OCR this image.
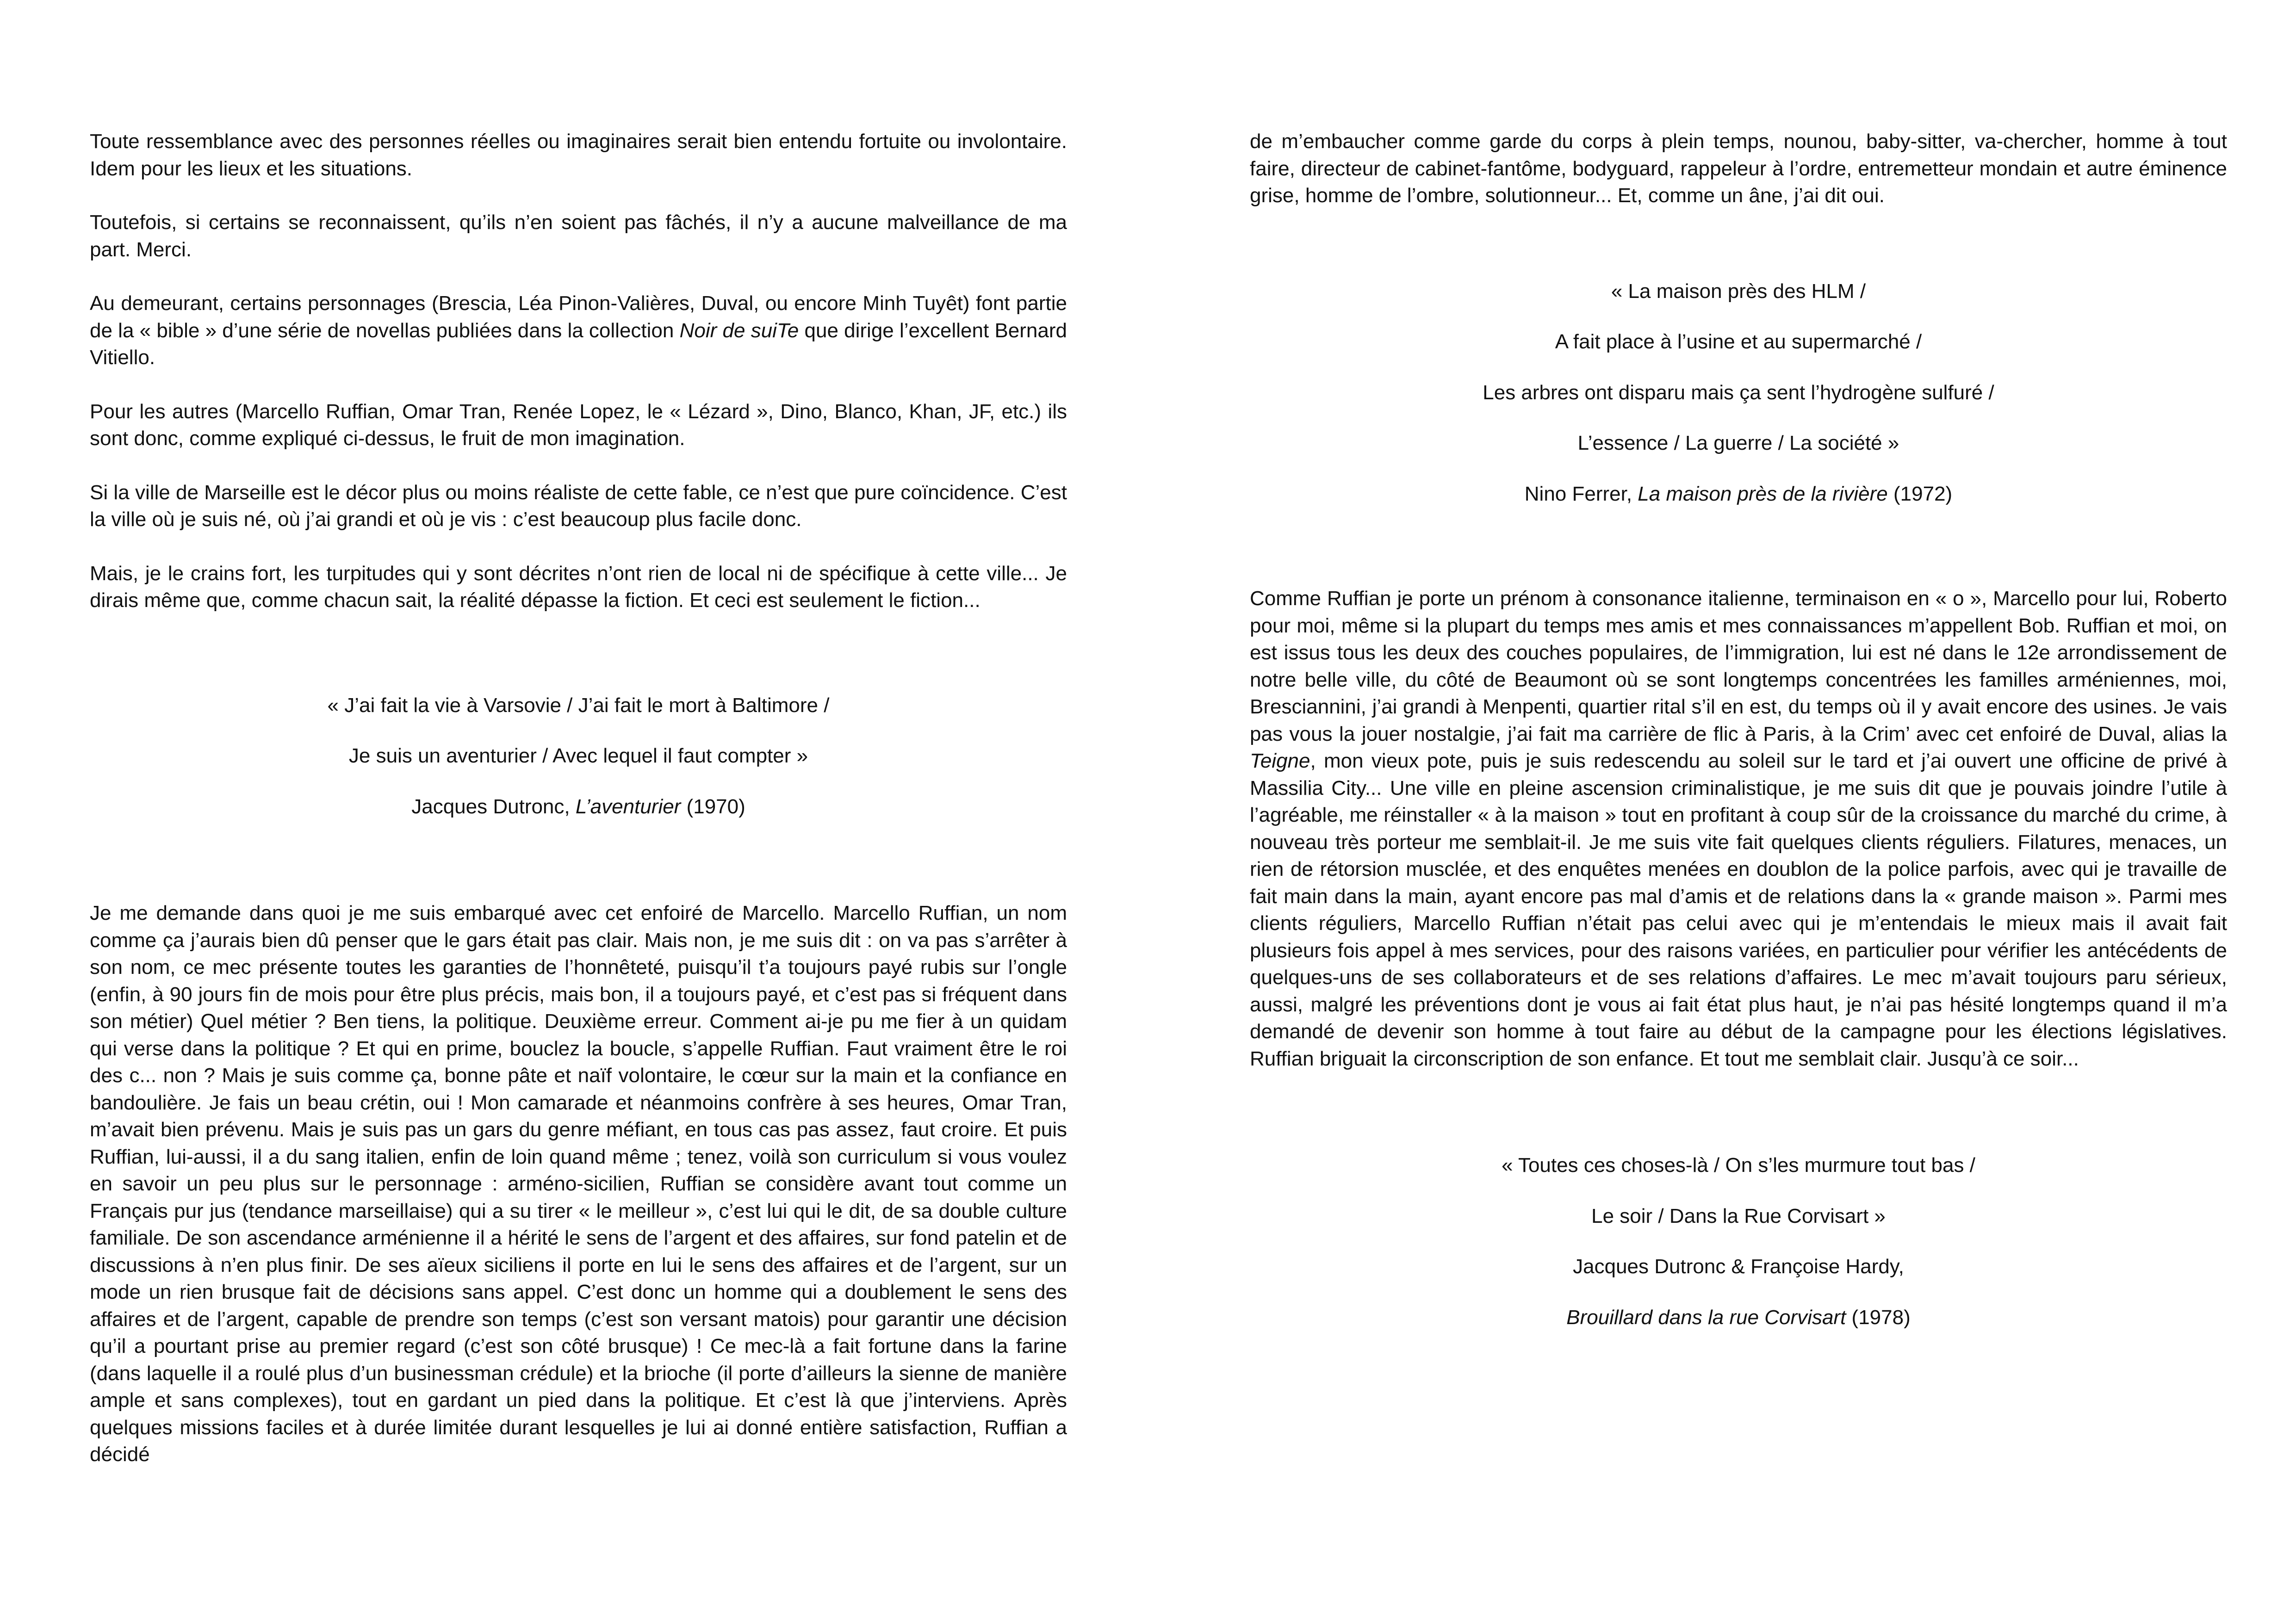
Toute ressemblance avec des personnes réelles ou imaginaires serait bien entendu fortuite ou involontaire. Idem pour les lieux et les situations.

Toutefois, si certains se reconnaissent, qu’ils n’en soient pas fâchés, il n’y a aucune malveillance de ma part. Merci.

Au demeurant, certains personnages (Brescia, Léa Pinon-Valières, Duval, ou encore Minh Tuyêt) font partie de la « bible » d’une série de novellas publiées dans la collection Noir de suiTe que dirige l’excellent Bernard Vitiello.

Pour les autres (Marcello Ruffian, Omar Tran, Renée Lopez, le « Lézard », Dino, Blanco, Khan, JF, etc.) ils sont donc, comme expliqué ci-dessus, le fruit de mon imagination.

Si la ville de Marseille est le décor plus ou moins réaliste de cette fable, ce n’est que pure coïncidence. C’est la ville où je suis né, où j’ai grandi et où je vis : c’est beaucoup plus facile donc.

Mais, je le crains fort, les turpitudes qui y sont décrites n’ont rien de local ni de spécifique à cette ville... Je dirais même que, comme chacun sait, la réalité dépasse la fiction. Et ceci est seulement le fiction...

« J’ai fait la vie à Varsovie / J’ai fait le mort à Baltimore /
Je suis un aventurier / Avec lequel il faut compter »
Jacques Dutronc, L’aventurier (1970)

Je me demande dans quoi je me suis embarqué avec cet enfoiré de Marcello. Marcello Ruffian, un nom comme ça j’aurais bien dû penser que le gars était pas clair. Mais non, je me suis dit : on va pas s’arrêter à son nom, ce mec présente toutes les garanties de l’honnêteté, puisqu’il t’a toujours payé rubis sur l’ongle (enfin, à 90 jours fin de mois pour être plus précis, mais bon, il a toujours payé, et c’est pas si fréquent dans son métier) Quel métier ? Ben tiens, la politique. Deuxième erreur. Comment ai-je pu me fier à un quidam qui verse dans la politique ? Et qui en prime, bouclez la boucle, s’appelle Ruffian. Faut vraiment être le roi des c... non ? Mais je suis comme ça, bonne pâte et naïf volontaire, le cœur sur la main et la confiance en bandoulière. Je fais un beau crétin, oui ! Mon camarade et néanmoins confrère à ses heures, Omar Tran, m’avait bien prévenu. Mais je suis pas un gars du genre méfiant, en tous cas pas assez, faut croire. Et puis Ruffian, lui-aussi, il a du sang italien, enfin de loin quand même ; tenez, voilà son curriculum si vous voulez en savoir un peu plus sur le personnage : arméno-sicilien, Ruffian se considère avant tout comme un Français pur jus (tendance marseillaise) qui a su tirer « le meilleur », c’est lui qui le dit, de sa double culture familiale. De son ascendance arménienne il a hérité le sens de l’argent et des affaires, sur fond patelin et de discussions à n’en plus finir. De ses aïeux siciliens il porte en lui le sens des affaires et de l’argent, sur un mode un rien brusque fait de décisions sans appel. C’est donc un homme qui a doublement le sens des affaires et de l’argent, capable de prendre son temps (c’est son versant matois) pour garantir une décision qu’il a pourtant prise au premier regard (c’est son côté brusque) ! Ce mec-là a fait fortune dans la farine (dans laquelle il a roulé plus d’un businessman crédule) et la brioche (il porte d’ailleurs la sienne de manière ample et sans complexes), tout en gardant un pied dans la politique. Et c’est là que j’interviens. Après quelques missions faciles et à durée limitée durant lesquelles je lui ai donné entière satisfaction, Ruffian a décidé

de m’embaucher comme garde du corps à plein temps, nounou, baby-sitter, va-chercher, homme à tout faire, directeur de cabinet-fantôme, bodyguard, rappeleur à l’ordre, entremetteur mondain et autre éminence grise, homme de l’ombre, solutionneur... Et, comme un âne, j’ai dit oui.

« La maison près des HLM /
A fait place à l’usine et au supermarché /
Les arbres ont disparu mais ça sent l’hydrogène sulfuré /
L’essence / La guerre / La société »
Nino Ferrer, La maison près de la rivière (1972)

Comme Ruffian je porte un prénom à consonance italienne, terminaison en « o », Marcello pour lui, Roberto pour moi, même si la plupart du temps mes amis et mes connaissances m’appellent Bob. Ruffian et moi, on est issus tous les deux des couches populaires, de l’immigration, lui est né dans le 12e arrondissement de notre belle ville, du côté de Beaumont où se sont longtemps concentrées les familles arméniennes, moi, Bresciannini, j’ai grandi à Menpenti, quartier rital s’il en est, du temps où il y avait encore des usines. Je vais pas vous la jouer nostalgie, j’ai fait ma carrière de flic à Paris, à la Crim’ avec cet enfoiré de Duval, alias la Teigne, mon vieux pote, puis je suis redescendu au soleil sur le tard et j’ai ouvert une officine de privé à Massilia City... Une ville en pleine ascension criminalistique, je me suis dit que je pouvais joindre l’utile à l’agréable, me réinstaller « à la maison » tout en profitant à coup sûr de la croissance du marché du crime, à nouveau très porteur me semblait-il. Je me suis vite fait quelques clients réguliers. Filatures, menaces, un rien de rétorsion musclée, et des enquêtes menées en doublon de la police parfois, avec qui je travaille de fait main dans la main, ayant encore pas mal d’amis et de relations dans la « grande maison ». Parmi mes clients réguliers, Marcello Ruffian n’était pas celui avec qui je m’entendais le mieux mais il avait fait plusieurs fois appel à mes services, pour des raisons variées, en particulier pour vérifier les antécédents de quelques-uns de ses collaborateurs et de ses relations d’affaires. Le mec m’avait toujours paru sérieux, aussi, malgré les préventions dont je vous ai fait état plus haut, je n’ai pas hésité longtemps quand il m’a demandé de devenir son homme à tout faire au début de la campagne pour les élections législatives. Ruffian briguait la circonscription de son enfance. Et tout me semblait clair. Jusqu’à ce soir...

« Toutes ces choses-là / On s’les murmure tout bas /
Le soir / Dans la Rue Corvisart »
Jacques Dutronc & Françoise Hardy,
Brouillard dans la rue Corvisart (1978)
